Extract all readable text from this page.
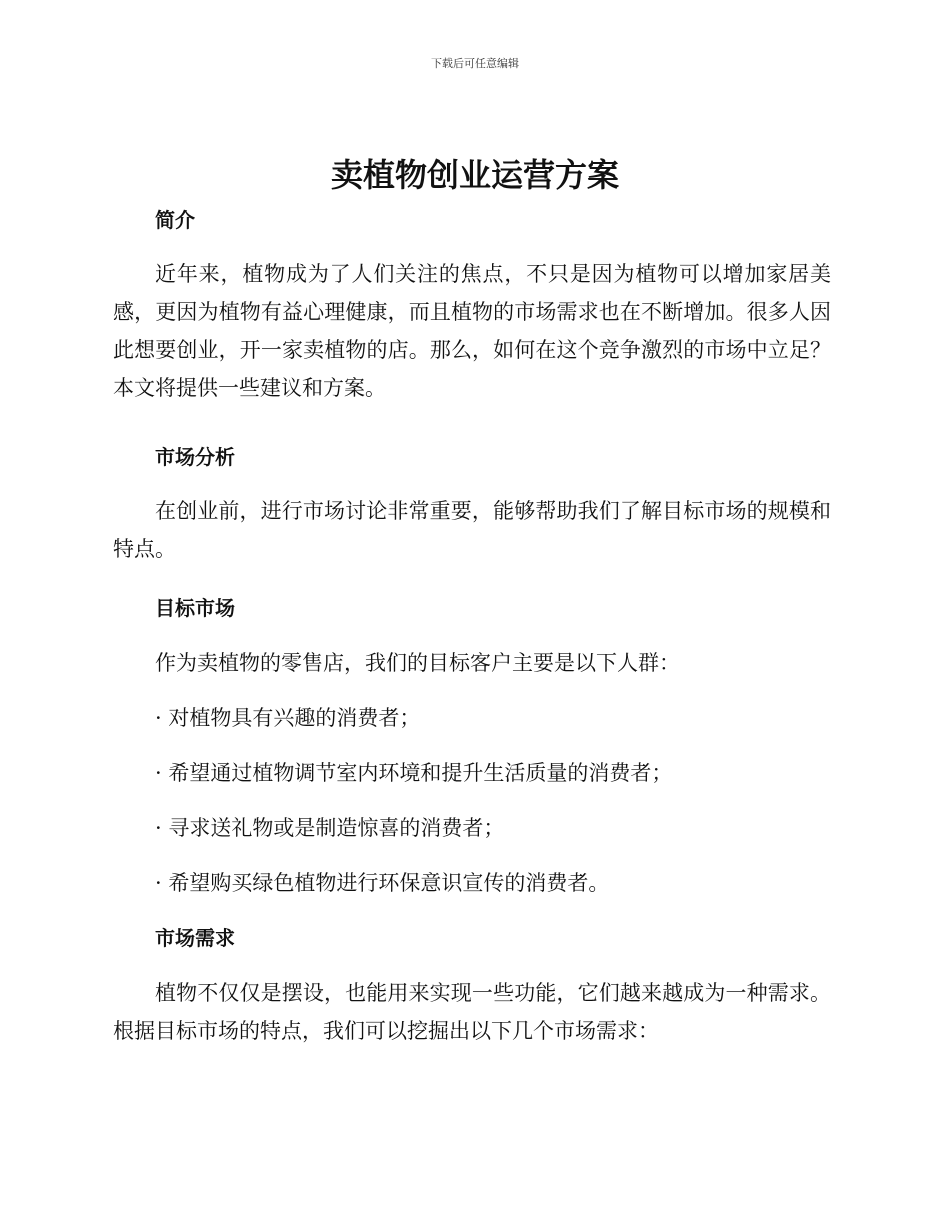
下载后可任意编辑
卖植物创业运营方案
简介

近年来，植物成为了人们关注的焦点，不只是因为植物可以增加家居美感，更因为植物有益心理健康，而且植物的市场需求也在不断增加。很多人因此想要创业，开一家卖植物的店。那么，如何在这个竞争激烈的市场中立足？本文将提供一些建议和方案。

市场分析

在创业前，进行市场讨论非常重要，能够帮助我们了解目标市场的规模和特点。

目标市场

作为卖植物的零售店，我们的目标客户主要是以下人群：

· 对植物具有兴趣的消费者；
· 希望通过植物调节室内环境和提升生活质量的消费者；
· 寻求送礼物或是制造惊喜的消费者；
· 希望购买绿色植物进行环保意识宣传的消费者。
市场需求

植物不仅仅是摆设，也能用来实现一些功能，它们越来越成为一种需求。根据目标市场的特点，我们可以挖掘出以下几个市场需求：
